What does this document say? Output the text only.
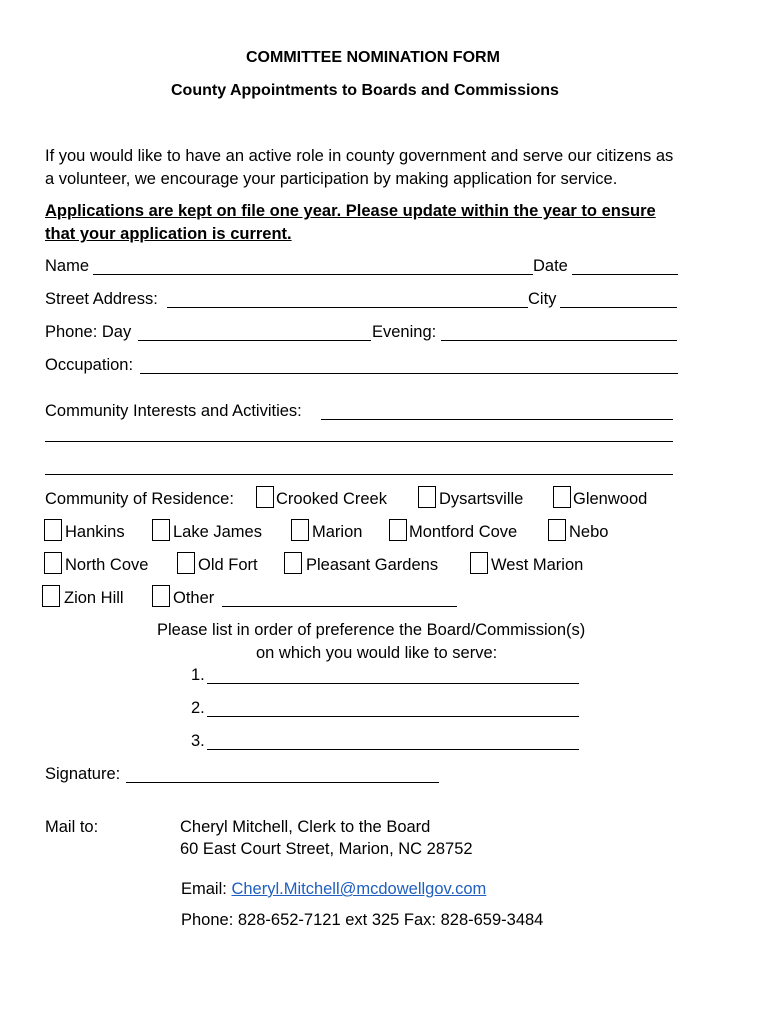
COMMITTEE NOMINATION FORM
County Appointments to Boards and Commissions
If you would like to have an active role in county government and serve our citizens as
a volunteer, we encourage your participation by making application for service.
Applications are kept on file one year. Please update within the year to ensure
that your application is current.
Name	Date
Street Address:	City
Phone: Day	Evening:
Occupation:
Community Interests and Activities:
Community of Residence:	Crooked Creek	Dysartsville	Glenwood
Hankins	Lake James	Marion	Montford Cove	Nebo
North Cove	Old Fort	Pleasant Gardens	West Marion
Zion Hill	Other
Please list in order of preference the Board/Commission(s)
on which you would like to serve:
1.
2.
3.
Signature:
Mail to:	Cheryl Mitchell, Clerk to the Board
60 East Court Street, Marion, NC 28752
Email: Cheryl.Mitchell@mcdowellgov.com
Phone: 828-652-7121 ext 325 Fax: 828-659-3484
